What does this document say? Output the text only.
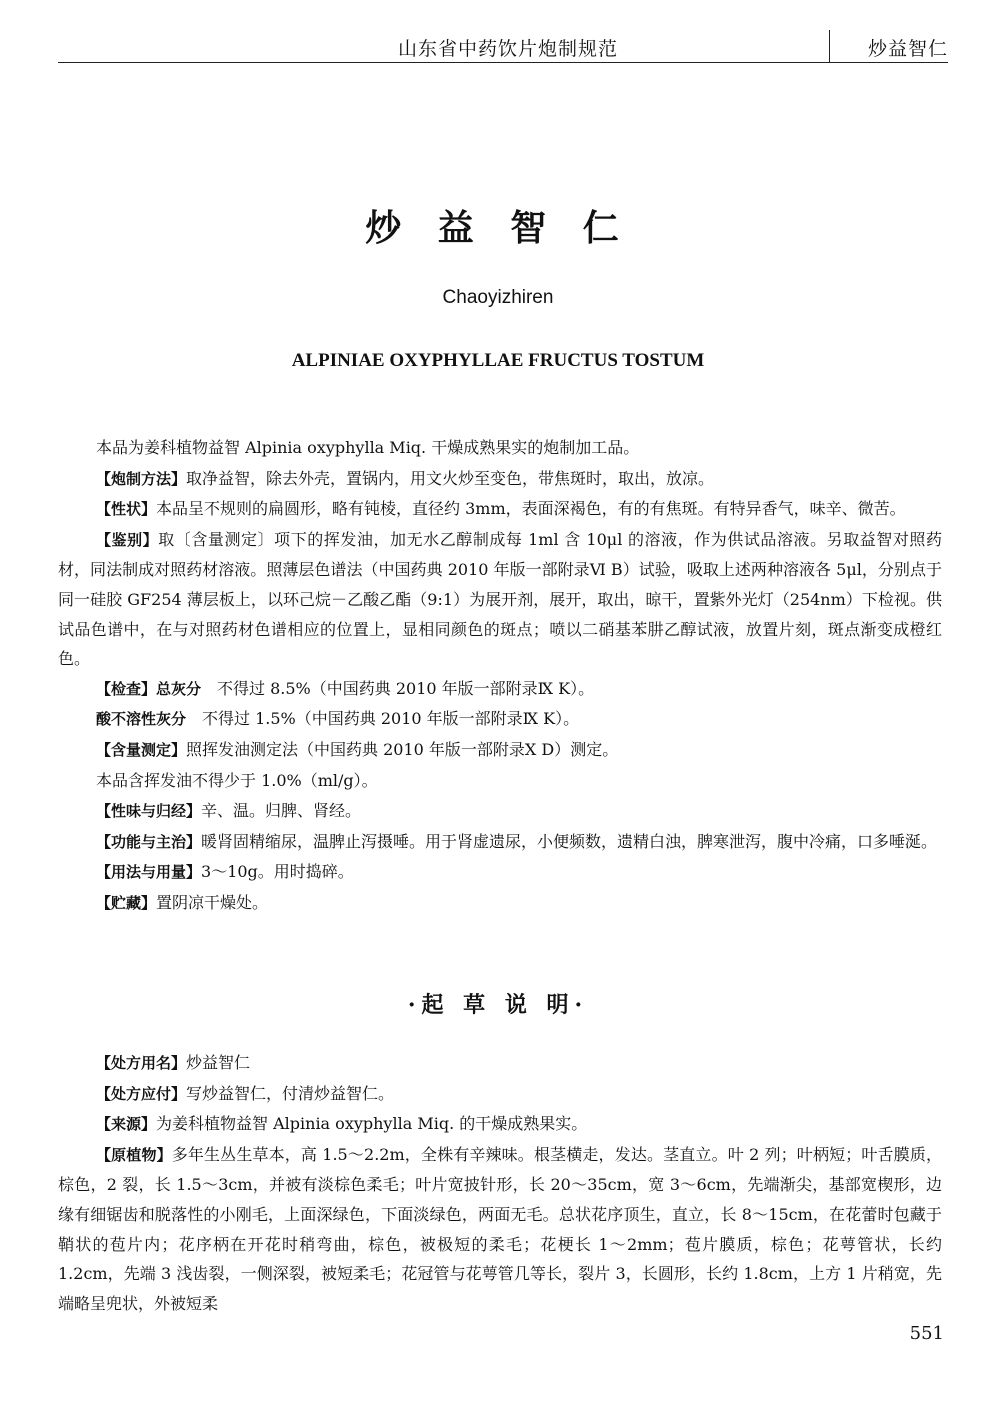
山东省中药饮片炮制规范	炒益智仁
炒 益 智 仁
Chaoyizhiren
ALPINIAE OXYPHYLLAE FRUCTUS TOSTUM

本品为姜科植物益智 Alpinia oxyphylla Miq. 干燥成熟果实的炮制加工品。

【炮制方法】取净益智，除去外壳，置锅内，用文火炒至变色，带焦斑时，取出，放凉。

【性状】本品呈不规则的扁圆形，略有钝棱，直径约 3mm，表面深褐色，有的有焦斑。有特异香气，味辛、微苦。

【鉴别】取〔含量测定〕项下的挥发油，加无水乙醇制成每 1ml 含 10μl 的溶液，作为供试品溶液。另取益智对照药材，同法制成对照药材溶液。照薄层色谱法（中国药典 2010 年版一部附录Ⅵ B）试验，吸取上述两种溶液各 5μl，分别点于同一硅胶 GF254 薄层板上，以环己烷－乙酸乙酯（9:1）为展开剂，展开，取出，晾干，置紫外光灯（254nm）下检视。供试品色谱中，在与对照药材色谱相应的位置上，显相同颜色的斑点；喷以二硝基苯肼乙醇试液，放置片刻，斑点渐变成橙红色。

【检查】总灰分　不得过 8.5%（中国药典 2010 年版一部附录Ⅸ K）。

酸不溶性灰分　不得过 1.5%（中国药典 2010 年版一部附录Ⅸ K）。

【含量测定】照挥发油测定法（中国药典 2010 年版一部附录Ⅹ D）测定。

本品含挥发油不得少于 1.0%（ml/g）。

【性味与归经】辛、温。归脾、肾经。

【功能与主治】暖肾固精缩尿，温脾止泻摄唾。用于肾虚遗尿，小便频数，遗精白浊，脾寒泄泻，腹中冷痛，口多唾涎。

【用法与用量】3～10g。用时捣碎。

【贮藏】置阴凉干燥处。

·起 草 说 明·

【处方用名】炒益智仁

【处方应付】写炒益智仁，付清炒益智仁。

【来源】为姜科植物益智 Alpinia oxyphylla Miq. 的干燥成熟果实。

【原植物】多年生丛生草本，高 1.5～2.2m，全株有辛辣味。根茎横走，发达。茎直立。叶 2 列；叶柄短；叶舌膜质，棕色，2 裂，长 1.5～3cm，并被有淡棕色柔毛；叶片宽披针形，长 20～35cm，宽 3～6cm，先端渐尖，基部宽楔形，边缘有细锯齿和脱落性的小刚毛，上面深绿色，下面淡绿色，两面无毛。总状花序顶生，直立，长 8～15cm，在花蕾时包藏于鞘状的苞片内；花序柄在开花时稍弯曲，棕色，被极短的柔毛；花梗长 1～2mm；苞片膜质，棕色；花萼管状，长约 1.2cm，先端 3 浅齿裂，一侧深裂，被短柔毛；花冠管与花萼管几等长，裂片 3，长圆形，长约 1.8cm，上方 1 片稍宽，先端略呈兜状，外被短柔

551
